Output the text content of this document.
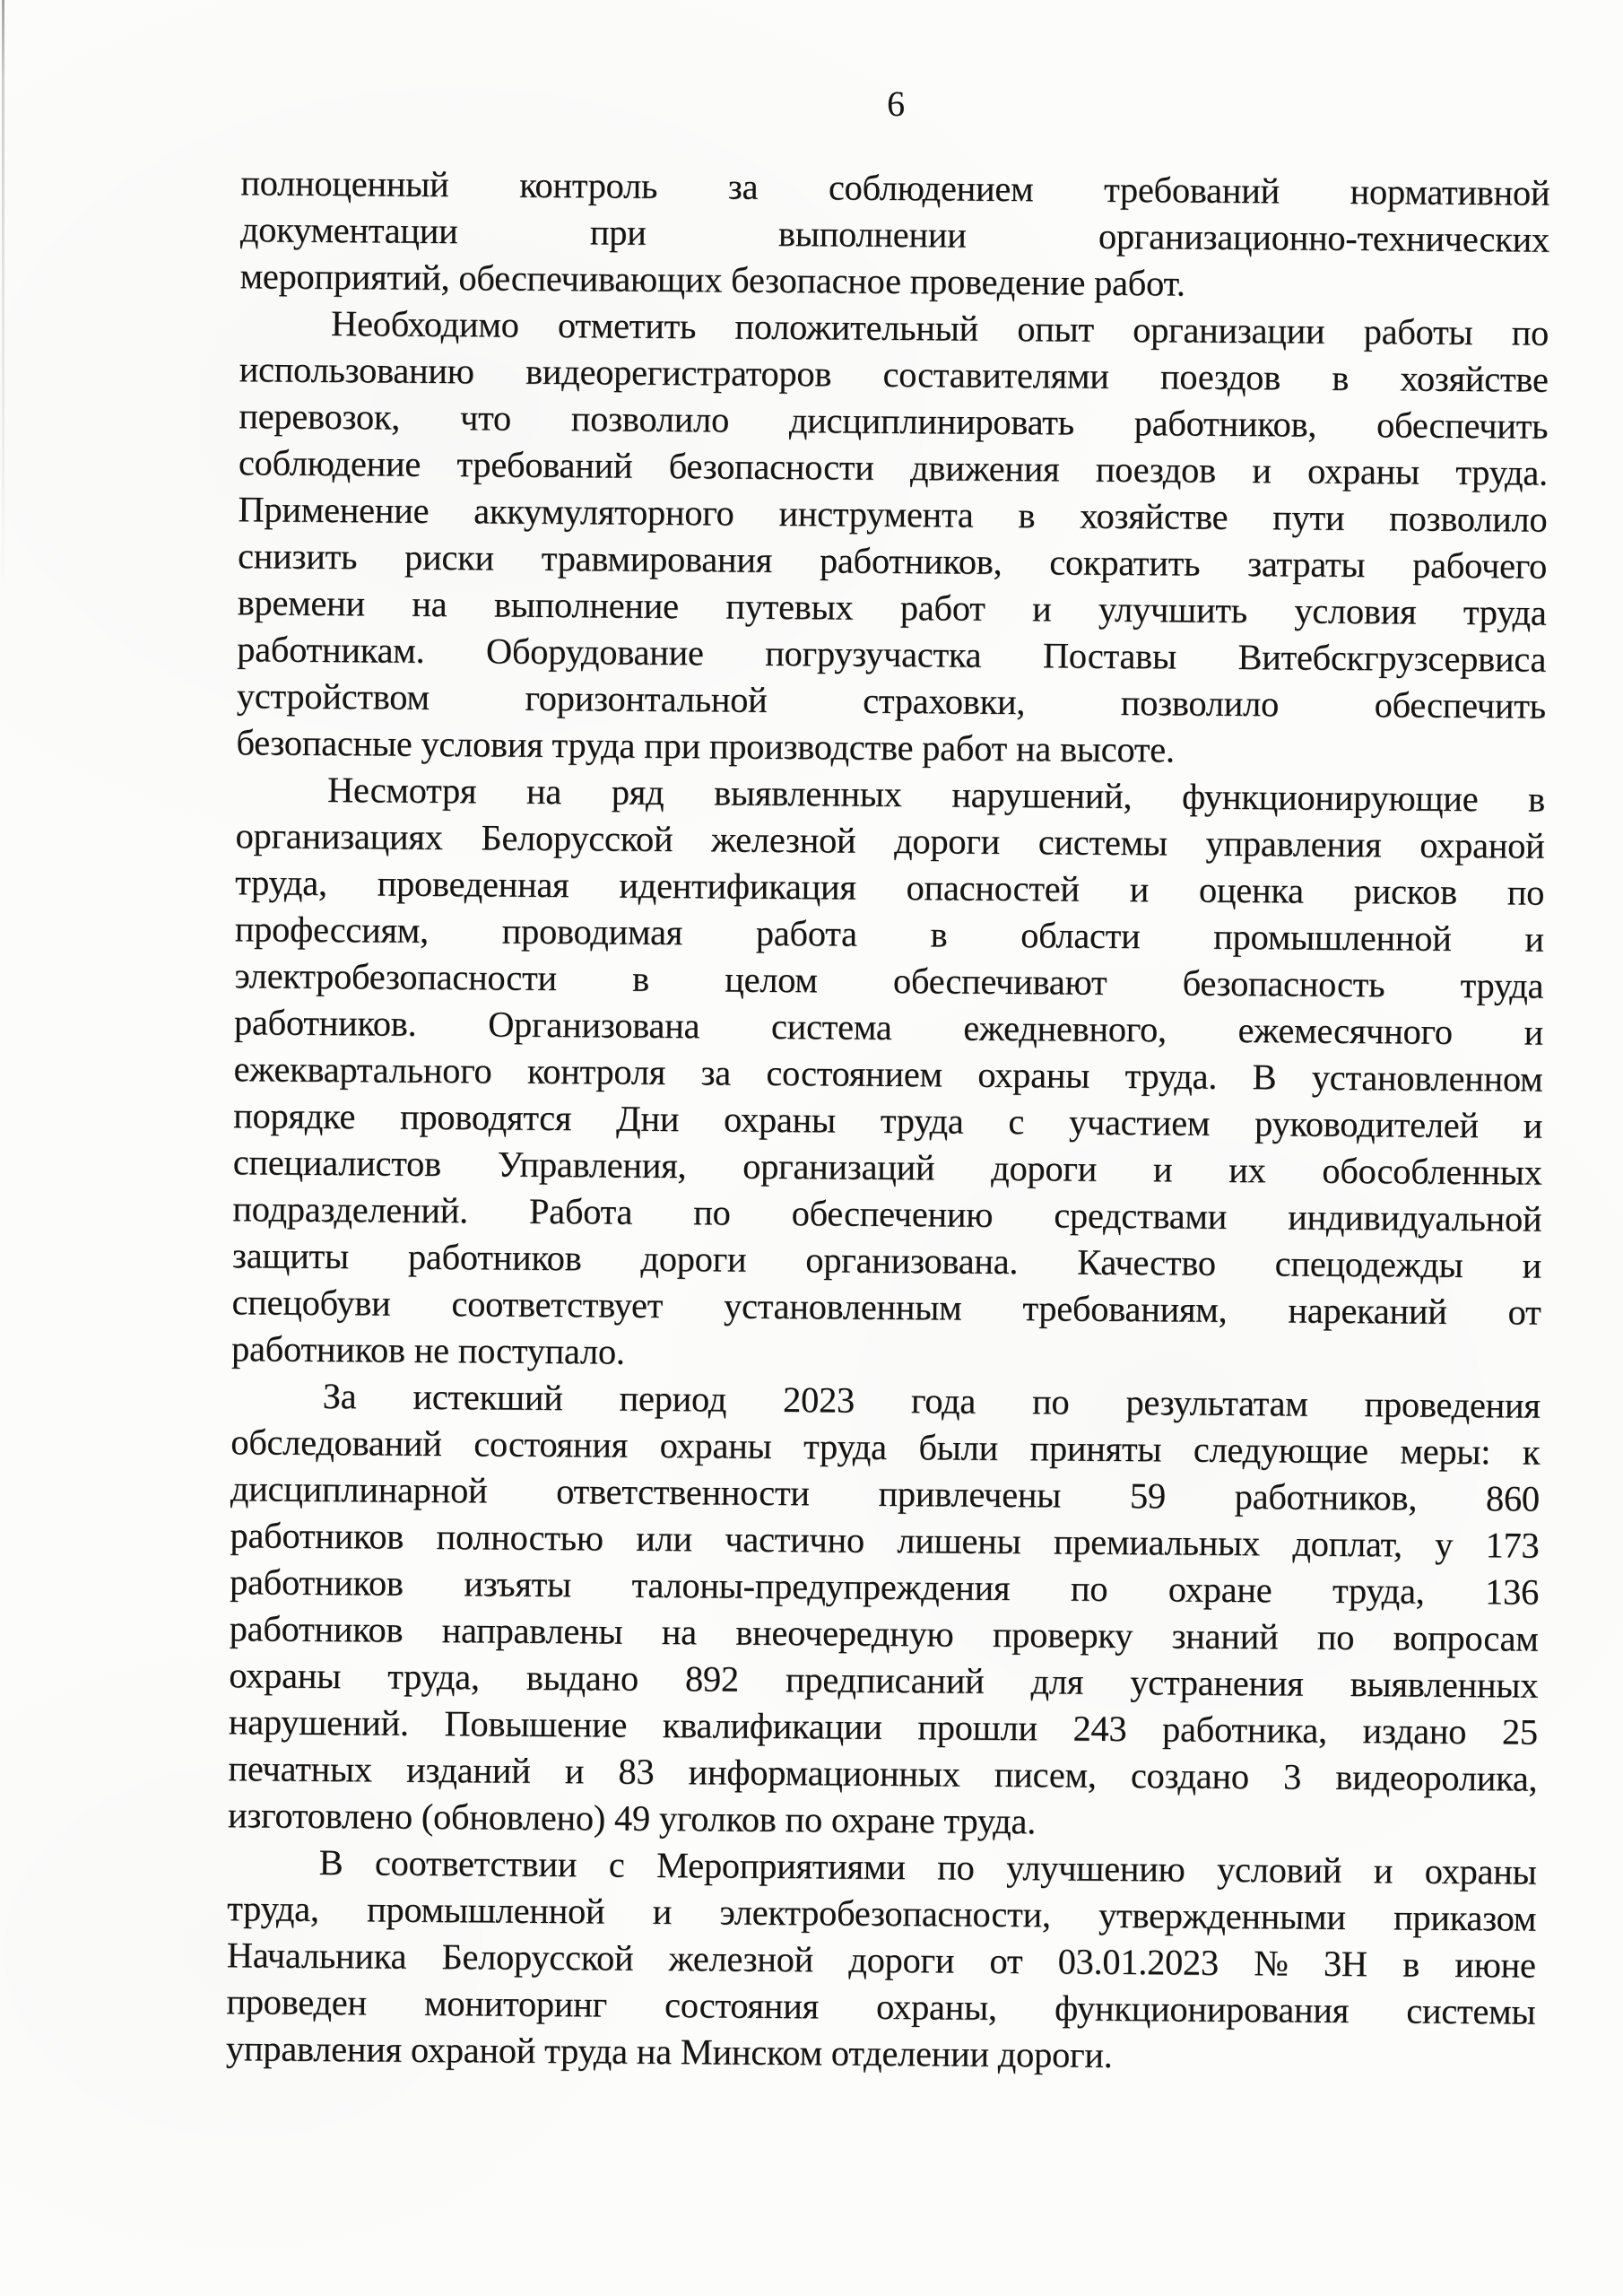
6
полноценный контроль за соблюдением требований нормативной
документации	при	выполнении	организационно-технических
мероприятий, обеспечивающих безопасное проведение работ.
Необходимо отметить положительный опыт организации работы по
использованию видеорегистраторов составителями поездов в хозяйстве
перевозок, что позволило дисциплинировать работников, обеспечить
соблюдение требований безопасности движения поездов и охраны труда.
Применение аккумуляторного инструмента в хозяйстве пути позволило
снизить риски травмирования работников, сократить затраты рабочего
времени на выполнение путевых работ и улучшить условия труда
работникам. Оборудование погрузучастка Поставы Витебскгрузсервиса
устройством	горизонтальной	страховки,	позволило	обеспечить
безопасные условия труда при производстве работ на высоте.
Несмотря на ряд выявленных нарушений, функционирующие в
организациях Белорусской железной дороги системы управления охраной
труда, проведенная идентификация опасностей и оценка рисков по
профессиям, проводимая работа в области промышленной и
электробезопасности в целом обеспечивают безопасность труда
работников. Организована система ежедневного, ежемесячного и
ежеквартального контроля за состоянием охраны труда. В установленном
порядке проводятся Дни охраны труда с участием руководителей и
специалистов Управления, организаций дороги и их обособленных
подразделений. Работа по обеспечению средствами индивидуальной
защиты работников дороги организована. Качество спецодежды и
спецобуви соответствует установленным требованиям, нареканий от
работников не поступало.
За истекший период 2023 года по результатам проведения
обследований состояния охраны труда были приняты следующие меры: к
дисциплинарной ответственности привлечены 59 работников, 860
работников полностью или частично лишены премиальных доплат, у 173
работников изъяты талоны-предупреждения по охране труда, 136
работников направлены на внеочередную проверку знаний по вопросам
охраны труда, выдано 892 предписаний для устранения выявленных
нарушений. Повышение квалификации прошли 243 работника, издано 25
печатных изданий и 83 информационных писем, создано 3 видеоролика,
изготовлено (обновлено) 49 уголков по охране труда.
В соответствии с Мероприятиями по улучшению условий и охраны
труда, промышленной и электробезопасности, утвержденными приказом
Начальника Белорусской железной дороги от 03.01.2023 № 3Н в июне
проведен мониторинг состояния охраны, функционирования системы
управления охраной труда на Минском отделении дороги.
